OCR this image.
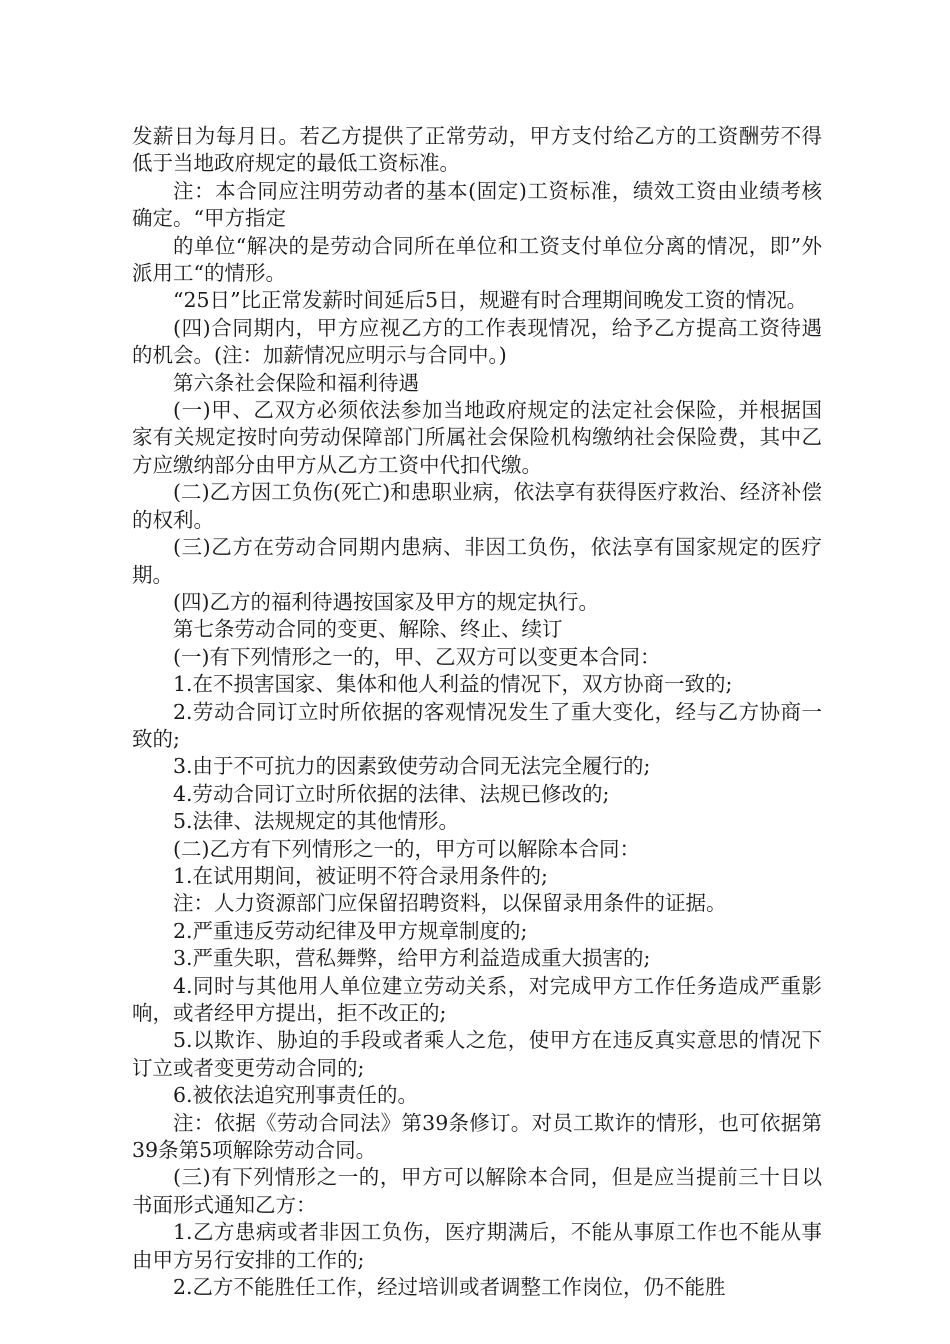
发薪日为每月日。若乙方提供了正常劳动，甲方支付给乙方的工资酬劳不得低于当地政府规定的最低工资标准。

注：本合同应注明劳动者的基本(固定)工资标准，绩效工资由业绩考核确定。“甲方指定

的单位“解决的是劳动合同所在单位和工资支付单位分离的情况，即”外派用工“的情形。

“25日”比正常发薪时间延后5日，规避有时合理期间晚发工资的情况。

(四)合同期内，甲方应视乙方的工作表现情况，给予乙方提高工资待遇的机会。(注：加薪情况应明示与合同中。)

第六条社会保险和福利待遇

(一)甲、乙双方必须依法参加当地政府规定的法定社会保险，并根据国家有关规定按时向劳动保障部门所属社会保险机构缴纳社会保险费，其中乙方应缴纳部分由甲方从乙方工资中代扣代缴。

(二)乙方因工负伤(死亡)和患职业病，依法享有获得医疗救治、经济补偿的权利。

(三)乙方在劳动合同期内患病、非因工负伤，依法享有国家规定的医疗期。

(四)乙方的福利待遇按国家及甲方的规定执行。

第七条劳动合同的变更、解除、终止、续订

(一)有下列情形之一的，甲、乙双方可以变更本合同：

1.在不损害国家、集体和他人利益的情况下，双方协商一致的;

2.劳动合同订立时所依据的客观情况发生了重大变化，经与乙方协商一致的;

3.由于不可抗力的因素致使劳动合同无法完全履行的;

4.劳动合同订立时所依据的法律、法规已修改的;

5.法律、法规规定的其他情形。

(二)乙方有下列情形之一的，甲方可以解除本合同：

1.在试用期间，被证明不符合录用条件的;

注：人力资源部门应保留招聘资料，以保留录用条件的证据。

2.严重违反劳动纪律及甲方规章制度的;

3.严重失职，营私舞弊，给甲方利益造成重大损害的;

4.同时与其他用人单位建立劳动关系，对完成甲方工作任务造成严重影响，或者经甲方提出，拒不改正的;

5.以欺诈、胁迫的手段或者乘人之危，使甲方在违反真实意思的情况下订立或者变更劳动合同的;

6.被依法追究刑事责任的。

注：依据《劳动合同法》第39条修订。对员工欺诈的情形，也可依据第39条第5项解除劳动合同。

(三)有下列情形之一的，甲方可以解除本合同，但是应当提前三十日以书面形式通知乙方：

1.乙方患病或者非因工负伤，医疗期满后，不能从事原工作也不能从事由甲方另行安排的工作的;

2.乙方不能胜任工作，经过培训或者调整工作岗位，仍不能胜
